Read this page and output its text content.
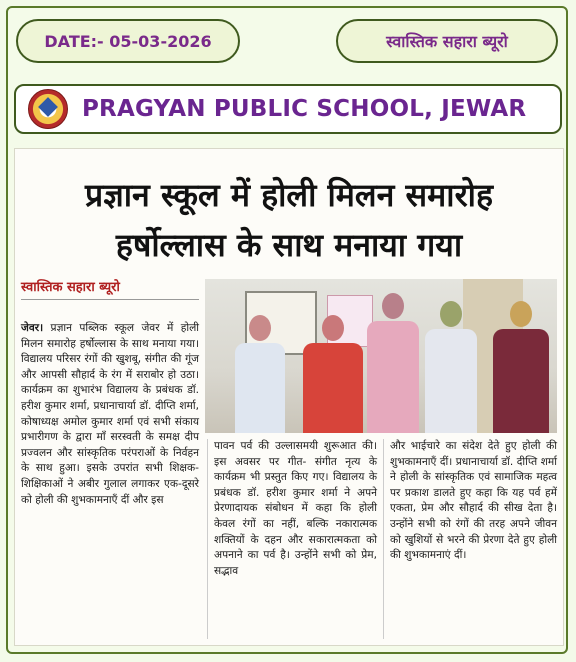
DATE:- 05-03-2026	स्वास्तिक सहारा ब्यूरो
PRAGYAN PUBLIC SCHOOL, JEWAR
प्रज्ञान स्कूल में होली मिलन समारोह
हर्षोल्लास के साथ मनाया गया
स्वास्तिक सहारा ब्यूरो
जेवर। प्रज्ञान पब्लिक स्कूल जेवर में होली मिलन समारोह हर्षोल्लास के साथ मनाया गया। विद्यालय परिसर रंगों की खुशबू, संगीत की गूंज और आपसी सौहार्द के रंग में सराबोर हो उठा। कार्यक्रम का शुभारंभ विद्यालय के प्रबंधक डॉ. हरीश कुमार शर्मा, प्रधानाचार्या डॉ. दीप्ति शर्मा, कोषाध्यक्ष अमोल कुमार शर्मा एवं सभी संकाय प्रभारीगण के द्वारा माँ सरस्वती के समक्ष दीप प्रज्वलन और सांस्कृतिक परंपराओं के निर्वहन के साथ हुआ। इसके उपरांत सभी शिक्षक-शिक्षिकाओं ने अबीर गुलाल लगाकर एक-दूसरे को होली की शुभकामनाएँ दीं और इस
पावन पर्व की उल्लासमयी शुरूआत की। इस अवसर पर गीत- संगीत नृत्य के कार्यक्रम भी प्रस्तुत किए गए। विद्यालय के प्रबंधक डॉ. हरीश कुमार शर्मा ने अपने प्रेरणादायक संबोधन में कहा कि होली केवल रंगों का नहीं, बल्कि नकारात्मक शक्तियों के दहन और सकारात्मकता को अपनाने का पर्व है। उन्होंने सभी को प्रेम, सद्भाव
और भाईचारे का संदेश देते हुए होली की शुभकामनाएँ दीं। प्रधानाचार्या डॉ. दीप्ति शर्मा ने होली के सांस्कृतिक एवं सामाजिक महत्व पर प्रकाश डालते हुए कहा कि यह पर्व हमें एकता, प्रेम और सौहार्द की सीख देता है। उन्होंने सभी को रंगों की तरह अपने जीवन को खुशियों से भरने की प्रेरणा देते हुए होली की शुभकामनाएं दीं।
